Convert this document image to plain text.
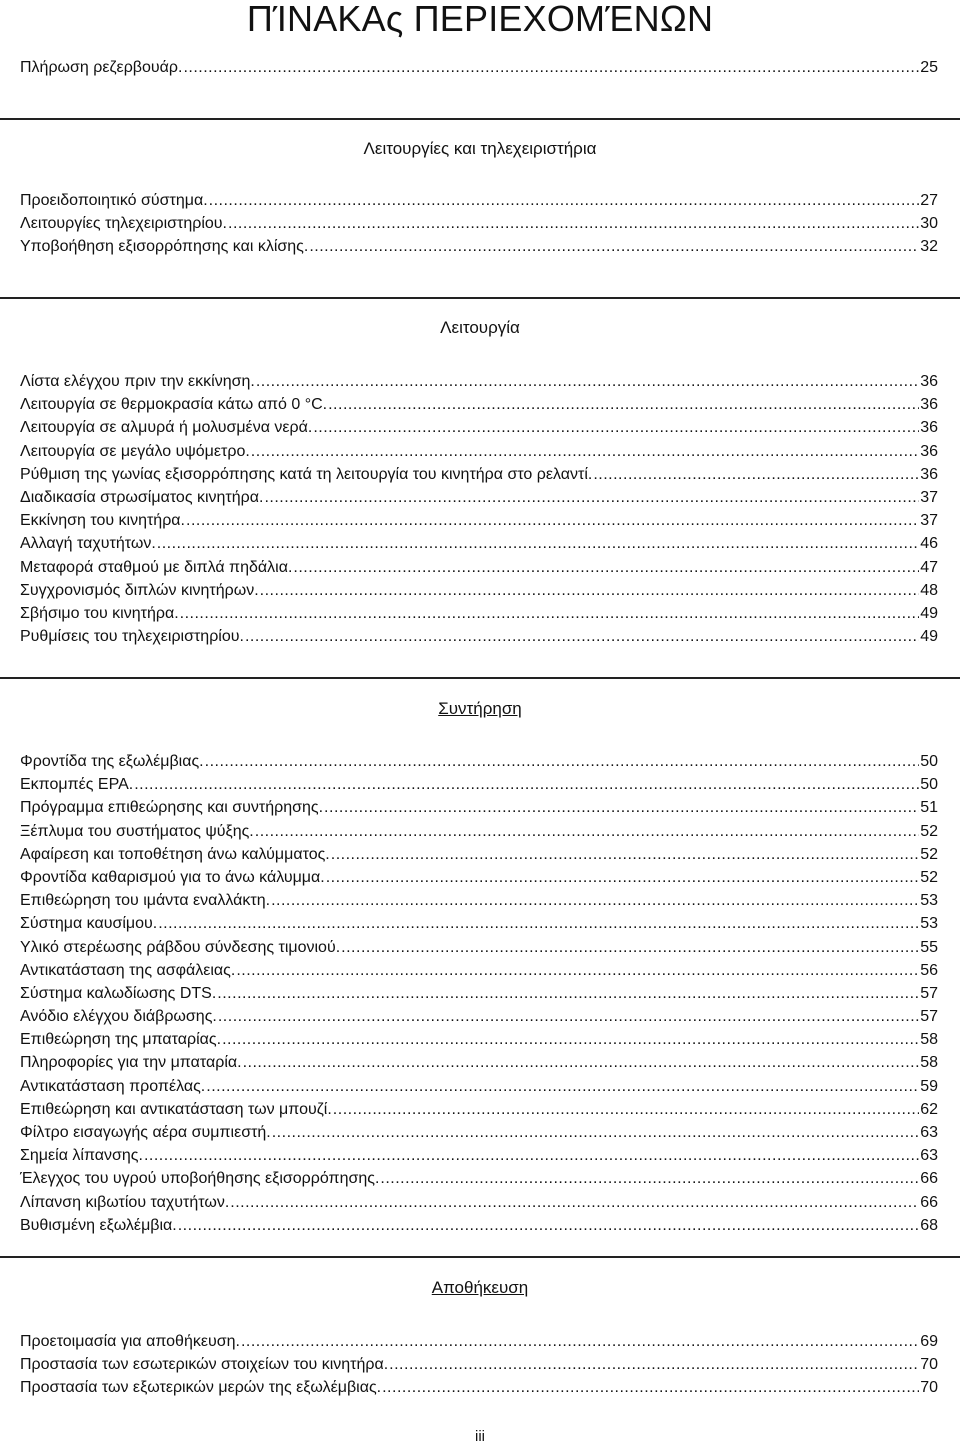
ΠΊΝΑΚΑς ΠΕΡΙΕΧΟΜΈΝΩΝ
Πλήρωση ρεζερβουάρ. .....	25
Λειτουργίες και τηλεχειριστήρια
Προειδοποιητικό σύστημα. .....	27
Λειτουργίες τηλεχειριστηρίου. .....	30
Υποβοήθηση εξισορρόπησης και κλίσης. .....	32
Λειτουργία
Λίστα ελέγχου πριν την εκκίνηση. .....	36
Λειτουργία σε θερμοκρασία κάτω από 0 °C. .....	36
Λειτουργία σε αλμυρά ή μολυσμένα νερά. .....	36
Λειτουργία σε μεγάλο υψόμετρο. .....	36
Ρύθμιση της γωνίας εξισορρόπησης κατά τη λειτουργία του κινητήρα στο ρελαντί. .....	36
Διαδικασία στρωσίματος κινητήρα. .....	37
Εκκίνηση του κινητήρα. .....	37
Αλλαγή ταχυτήτων. .....	46
Μεταφορά σταθμού με διπλά πηδάλια. .....	47
Συγχρονισμός διπλών κινητήρων. .....	48
Σβήσιμο του κινητήρα. .....	49
Ρυθμίσεις του τηλεχειριστηρίου. .....	49
Συντήρηση
Φροντίδα της εξωλέμβιας. .....	50
Εκπομπές EPA. .....	50
Πρόγραμμα επιθεώρησης και συντήρησης. .....	51
Ξέπλυμα του συστήματος ψύξης. .....	52
Αφαίρεση και τοποθέτηση άνω καλύμματος. .....	52
Φροντίδα καθαρισμού για το άνω κάλυμμα. .....	52
Επιθεώρηση του ιμάντα εναλλάκτη. .....	53
Σύστημα καυσίμου. .....	53
Υλικό στερέωσης ράβδου σύνδεσης τιμονιού. .....	55
Αντικατάσταση της ασφάλειας. .....	56
Σύστημα καλωδίωσης DTS. .....	57
Ανόδιο ελέγχου διάβρωσης. .....	57
Επιθεώρηση της μπαταρίας. .....	58
Πληροφορίες για την μπαταρία. .....	58
Αντικατάσταση προπέλας. .....	59
Επιθεώρηση και αντικατάσταση των μπουζί. .....	62
Φίλτρο εισαγωγής αέρα συμπιεστή. .....	63
Σημεία λίπανσης. .....	63
Έλεγχος του υγρού υποβοήθησης εξισορρόπησης. .....	66
Λίπανση κιβωτίου ταχυτήτων. .....	66
Βυθισμένη εξωλέμβια. .....	68
Αποθήκευση
Προετοιμασία για αποθήκευση. .....	69
Προστασία των εσωτερικών στοιχείων του κινητήρα. .....	70
Προστασία των εξωτερικών μερών της εξωλέμβιας. .....	70
iii
